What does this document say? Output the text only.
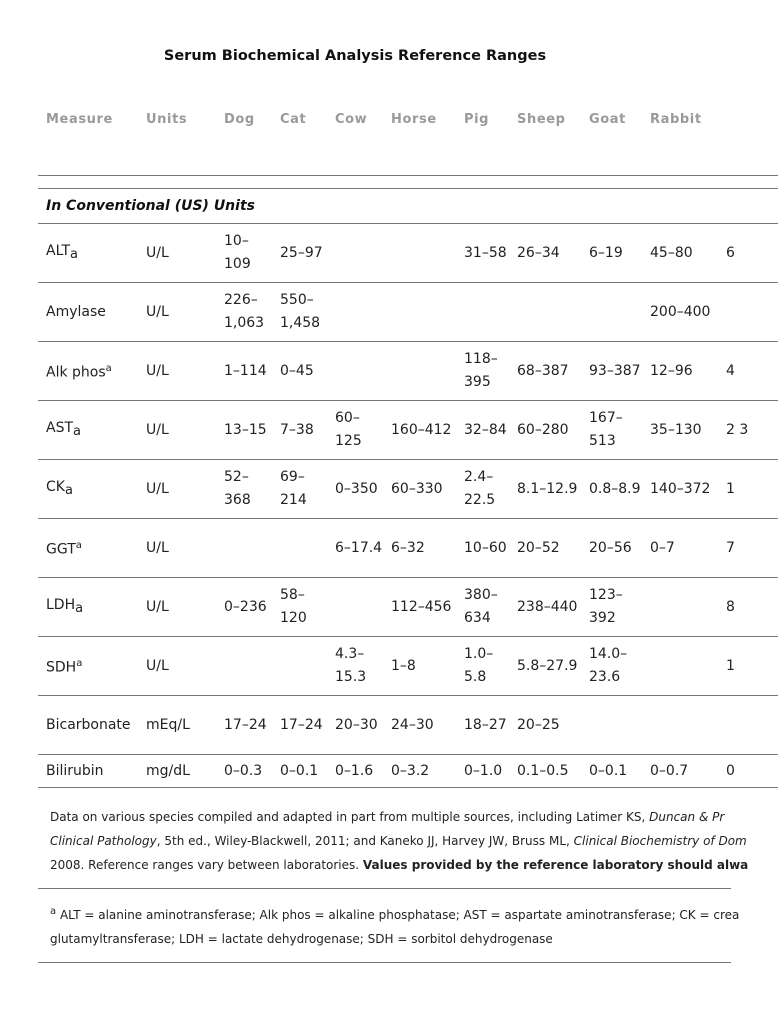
Serum Biochemical Analysis Reference Ranges
Measure	Units	Dog	Cat	Cow	Horse	Pig	Sheep	Goat	Rabbit	

In Conventional (US) Units										
$ALT_a$	U/L	10–109	25–97			31–58	26–34	6–19	45–80	6
Amylase	U/L	226–1,063	550–1,458						200–400	
Alk phos$^a$	U/L	1–114	0–45			118–395	68–387	93–387	12–96	4
$AST_a$	U/L	13–15	7–38	60–125	160–412	32–84	60–280	167–513	35–130	2 3
$CK_a$	U/L	52–368	69–214	0–350	60–330	2.4–22.5	8.1–12.9	0.8–8.9	140–372	1
GGT$^a$	U/L			6–17.4	6–32	10–60	20–52	20–56	0–7	7
$LDH_a$	U/L	0–236	58–120		112–456	380–634	238–440	123–392		8
SDH$^a$	U/L			4.3–15.3	1–8	1.0–5.8	5.8–27.9	14.0–23.6		1
Bicarbonate	mEq/L	17–24	17–24	20–30	24–30	18–27	20–25			
Bilirubin	mg/dL	0–0.3	0–0.1	0–1.6	0–3.2	0–1.0	0.1–0.5	0–0.1	0–0.7	0
Data on various species compiled and adapted in part from multiple sources, including Latimer KS, Duncan & Pr
Clinical Pathology, 5th ed., Wiley-Blackwell, 2011; and Kaneko JJ, Harvey JW, Bruss ML, Clinical Biochemistry of Dom
2008. Reference ranges vary between laboratories. Values provided by the reference laboratory should alwa
$^a$ ALT = alanine aminotransferase; Alk phos = alkaline phosphatase; AST = aspartate aminotransferase; CK = crea
glutamyltransferase; LDH = lactate dehydrogenase; SDH = sorbitol dehydrogenase
